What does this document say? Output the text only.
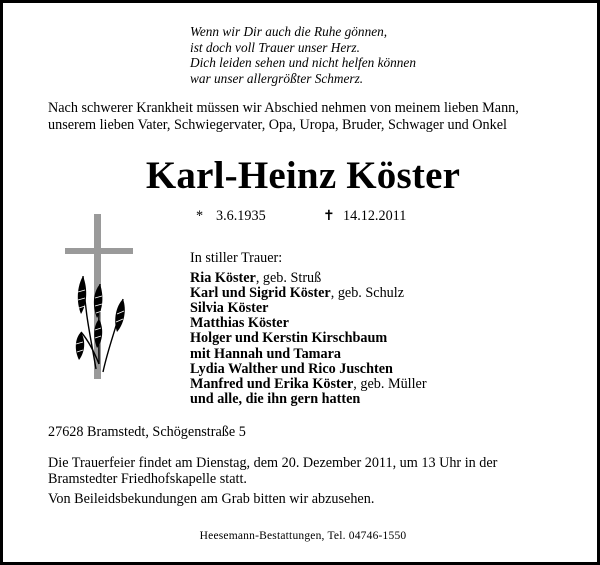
Wenn wir Dir auch die Ruhe gönnen,
ist doch voll Trauer unser Herz.
Dich leiden sehen und nicht helfen können
war unser allergrößter Schmerz.
Nach schwerer Krankheit müssen wir Abschied nehmen von meinem lieben Mann,
unserem lieben Vater, Schwiegervater, Opa, Uropa, Bruder, Schwager und Onkel
Karl-Heinz Köster
* 3.6.1935	✝ 14.12.2011
In stiller Trauer:
Ria Köster, geb. Struß
Karl und Sigrid Köster, geb. Schulz
Silvia Köster
Matthias Köster
Holger und Kerstin Kirschbaum
mit Hannah und Tamara
Lydia Walther und Rico Juschten
Manfred und Erika Köster, geb. Müller
und alle, die ihn gern hatten
27628 Bramstedt, Schögenstraße 5
Die Trauerfeier findet am Dienstag, dem 20. Dezember 2011, um 13 Uhr in der
Bramstedter Friedhofskapelle statt.
Von Beileidsbekundungen am Grab bitten wir abzusehen.
Heesemann-Bestattungen, Tel. 04746-1550
